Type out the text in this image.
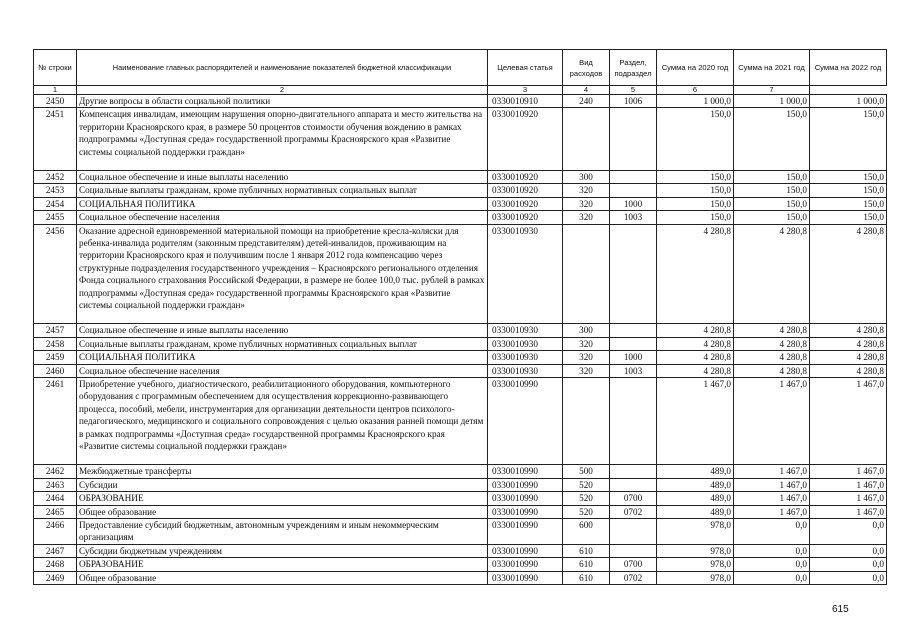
№ строки	Наименование главных распорядителей и наименование показателей бюджетной классификации	Целевая статья	Вид расходов	Раздел, подраздел	Сумма на 2020 год	Сумма на 2021 год	Сумма на 2022 год
1	2	3	4	5	6	7	
2450	Другие вопросы в области социальной политики	0330010910	240	1006	1 000,0	1 000,0	1 000,0
2451	Компенсация инвалидам, имеющим нарушения опорно-двигательного аппарата и место жительства на территории Красноярского края, в размере 50 процентов стоимости обучения вождению в рамках подпрограммы «Доступная среда» государственной программы Красноярского края «Развитие системы социальной поддержки граждан»	0330010920			150,0	150,0	150,0
2452	Социальное обеспечение и иные выплаты населению	0330010920	300		150,0	150,0	150,0
2453	Социальные выплаты гражданам, кроме публичных нормативных социальных выплат	0330010920	320		150,0	150,0	150,0
2454	СОЦИАЛЬНАЯ ПОЛИТИКА	0330010920	320	1000	150,0	150,0	150,0
2455	Социальное обеспечение населения	0330010920	320	1003	150,0	150,0	150,0
2456	Оказание адресной единовременной материальной помощи на приобретение кресла-коляски для ребенка-инвалида родителям (законным представителям) детей-инвалидов, проживающим на территории Красноярского края и получившим после 1 января 2012 года компенсацию через структурные подразделения государственного учреждения – Красноярского регионального отделения Фонда социального страхования Российской Федерации, в размере не более 100,0 тыс. рублей в рамках подпрограммы «Доступная среда» государственной программы Красноярского края «Развитие системы социальной поддержки граждан»	0330010930			4 280,8	4 280,8	4 280,8
2457	Социальное обеспечение и иные выплаты населению	0330010930	300		4 280,8	4 280,8	4 280,8
2458	Социальные выплаты гражданам, кроме публичных нормативных социальных выплат	0330010930	320		4 280,8	4 280,8	4 280,8
2459	СОЦИАЛЬНАЯ ПОЛИТИКА	0330010930	320	1000	4 280,8	4 280,8	4 280,8
2460	Социальное обеспечение населения	0330010930	320	1003	4 280,8	4 280,8	4 280,8
2461	Приобретение учебного, диагностического, реабилитационного оборудования, компьютерного оборудования с программным обеспечением для осуществления коррекционно-развивающего процесса, пособий, мебели, инструментария для организации деятельности центров психолого-педагогического, медицинского и социального сопровождения с целью оказания ранней помощи детям в рамках подпрограммы «Доступная среда» государственной программы Красноярского края «Развитие системы социальной поддержки граждан»	0330010990			1 467,0	1 467,0	1 467,0
2462	Межбюджетные трансферты	0330010990	500		489,0	1 467,0	1 467,0
2463	Субсидии	0330010990	520		489,0	1 467,0	1 467,0
2464	ОБРАЗОВАНИЕ	0330010990	520	0700	489,0	1 467,0	1 467,0
2465	Общее образование	0330010990	520	0702	489,0	1 467,0	1 467,0
2466	Предоставление субсидий бюджетным, автономным учреждениям и иным некоммерческим организациям	0330010990	600		978,0	0,0	0,0
2467	Субсидии бюджетным учреждениям	0330010990	610		978,0	0,0	0,0
2468	ОБРАЗОВАНИЕ	0330010990	610	0700	978,0	0,0	0,0
2469	Общее образование	0330010990	610	0702	978,0	0,0	0,0
615
